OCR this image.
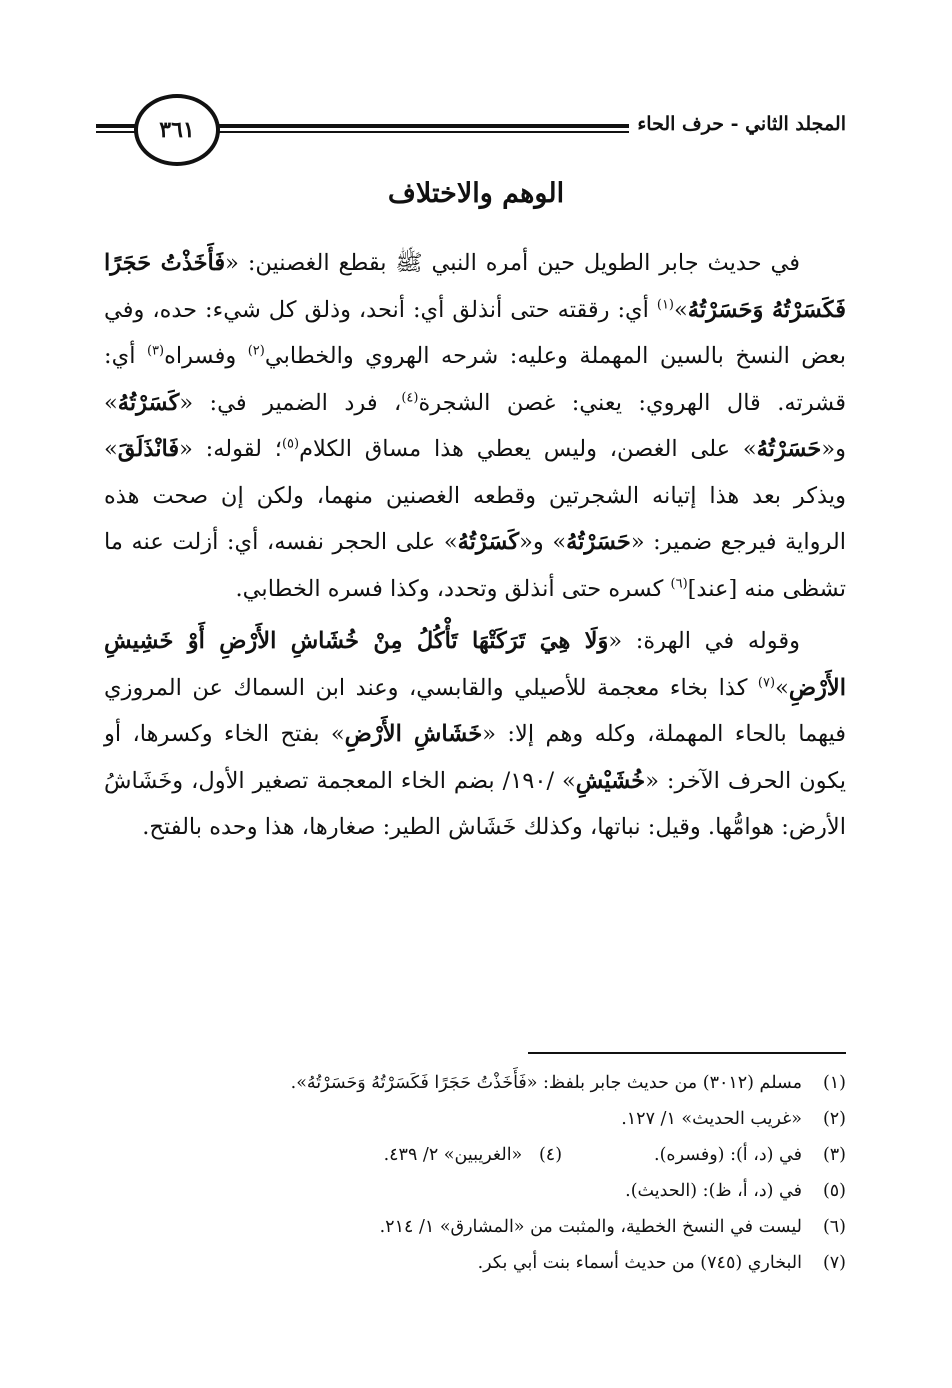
٣٦١	المجلد الثاني - حرف الحاء
الوهم والاختلاف

في حديث جابر الطويل حين أمره النبي ﷺ بقطع الغصنين: «فَأَخَذْتُ حَجَرًا فَكَسَرْتُهُ وَحَسَرْتُهُ»$^{(١)}$ أي: رققته حتى أنذلق أي: أنحد، وذلق كل شيء: حده، وفي بعض النسخ بالسين المهملة وعليه: شرحه الهروي والخطابي$^{(٢)}$ وفسراه$^{(٣)}$ أي: قشرته. قال الهروي: يعني: غصن الشجرة$^{(٤)}$، فرد الضمير في: «كَسَرْتُهُ» و«حَسَرْتُهُ» على الغصن، وليس يعطي هذا مساق الكلام$^{(٥)}$؛ لقوله: «فَانْذَلَقَ» ويذكر بعد هذا إتيانه الشجرتين وقطعه الغصنين منهما، ولكن إن صحت هذه الرواية فيرجع ضمير: «حَسَرْتُهُ» و«كَسَرْتُهُ» على الحجر نفسه، أي: أزلت عنه ما تشظى منه [عند]$^{(٦)}$ كسره حتى أنذلق وتحدد، وكذا فسره الخطابي.

وقوله في الهرة: «وَلَا هِيَ تَرَكَتْهَا تَأْكُلُ مِنْ خُشَاشِ الأَرْضِ أَوْ خَشِيشِ الأَرْضِ»$^{(٧)}$ كذا بخاء معجمة للأصيلي والقابسي، وعند ابن السماك عن المروزي فيهما بالحاء المهملة، وكله وهم إلا: «خَشَاشِ الأَرْضِ» بفتح الخاء وكسرها، أو يكون الحرف الآخر: «خُشَيْشِ» /١٩٠/ بضم الخاء المعجمة تصغير الأول، وخَشَاشُ الأرض: هوامُّها. وقيل: نباتها، وكذلك خَشَاش الطير: صغارها، هذا وحده بالفتح.

(١)
مسلم (٣٠١٢) من حديث جابر بلفظ: «فَأَخَذْتُ حَجَرًا فَكَسَرْتُهُ وَحَسَرْتُهُ».
(٢)
«غريب الحديث» ١/ ١٢٧.
(٣)
في (د، أ): (وفسره).(٤)   «الغريبين» ٢/ ٤٣٩.
(٥)
في (د، أ، ظ): (الحديث).
(٦)
ليست في النسخ الخطية، والمثبت من «المشارق» ١/ ٢١٤.
(٧)
البخاري (٧٤٥) من حديث أسماء بنت أبي بكر.
